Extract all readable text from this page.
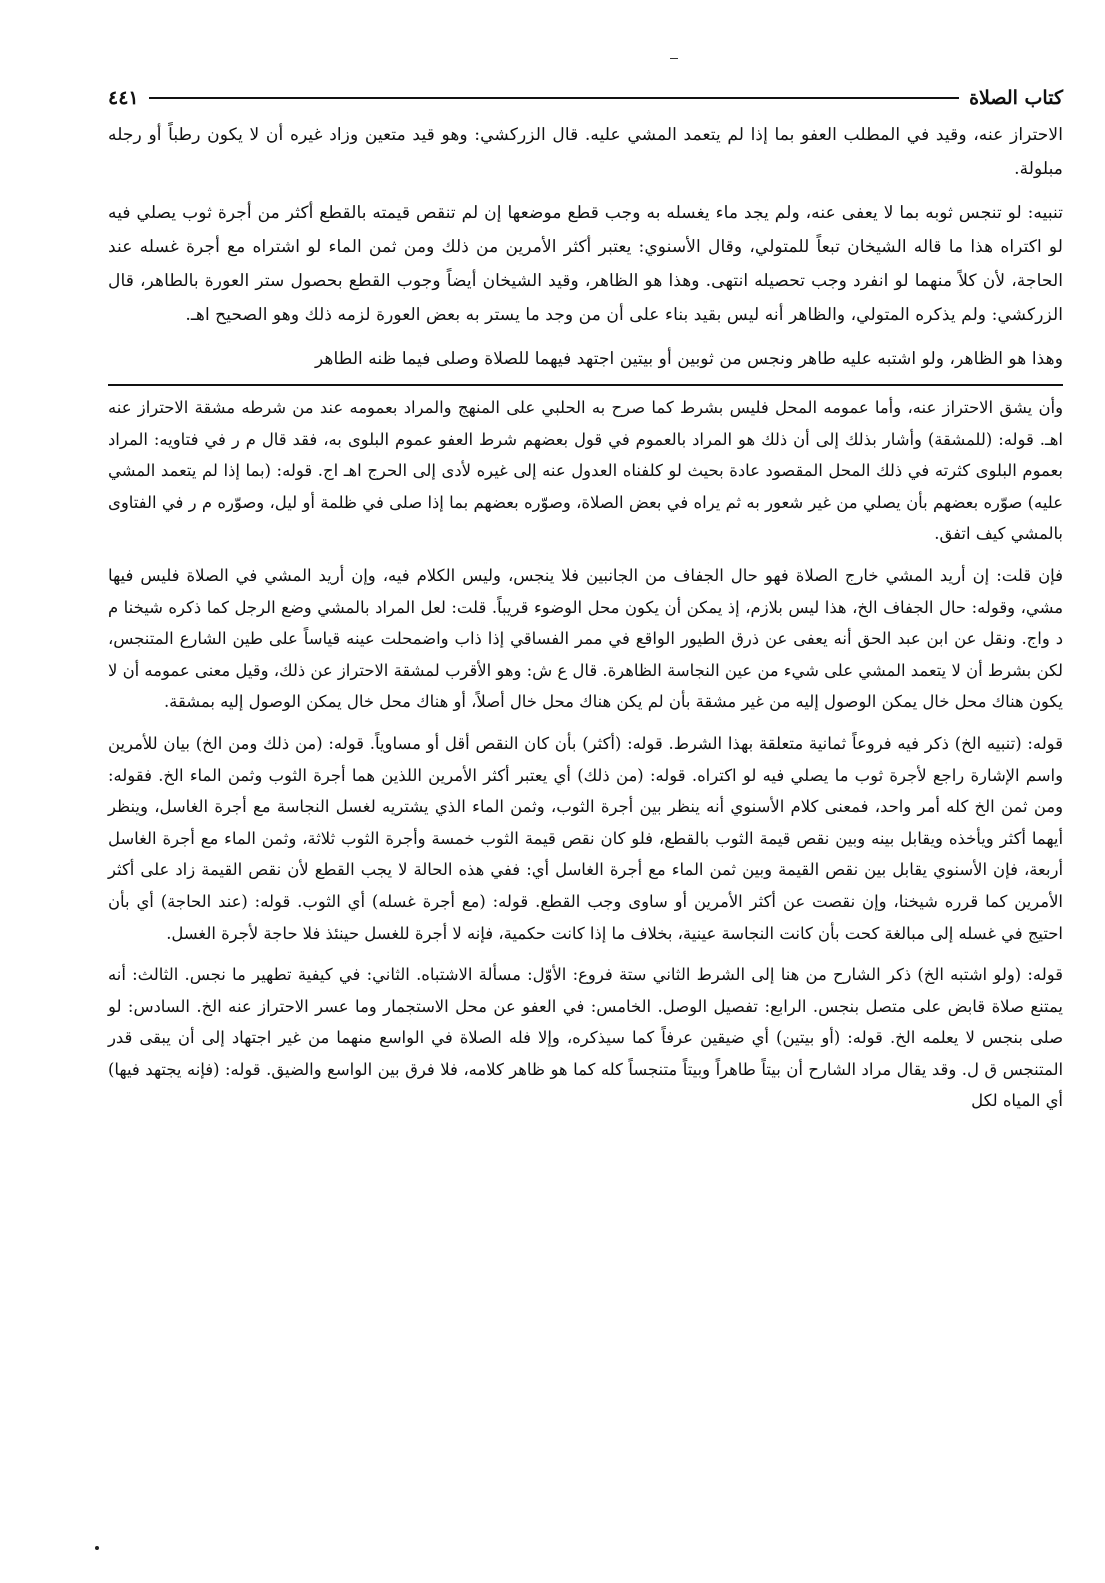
كتاب الصلاة
٤٤١

الاحتراز عنه، وقيد في المطلب العفو بما إذا لم يتعمد المشي عليه. قال الزركشي: وهو قيد متعين وزاد غيره أن لا يكون رطباً أو رجله مبلولة.

تنبيه: لو تنجس ثوبه بما لا يعفى عنه، ولم يجد ماء يغسله به وجب قطع موضعها إن لم تنقص قيمته بالقطع أكثر من أجرة ثوب يصلي فيه لو اكتراه هذا ما قاله الشيخان تبعاً للمتولي، وقال الأسنوي: يعتبر أكثر الأمرين من ذلك ومن ثمن الماء لو اشتراه مع أجرة غسله عند الحاجة، لأن كلاً منهما لو انفرد وجب تحصيله انتهى. وهذا هو الظاهر، وقيد الشيخان أيضاً وجوب القطع بحصول ستر العورة بالطاهر، قال الزركشي: ولم يذكره المتولي، والظاهر أنه ليس بقيد بناء على أن من وجد ما يستر به بعض العورة لزمه ذلك وهو الصحيح اهـ.

وهذا هو الظاهر، ولو اشتبه عليه طاهر ونجس من ثوبين أو بيتين اجتهد فيهما للصلاة وصلى فيما ظنه الطاهر

وأن يشق الاحتراز عنه، وأما عمومه المحل فليس بشرط كما صرح به الحلبي على المنهج والمراد بعمومه عند من شرطه مشقة الاحتراز عنه اهـ. قوله: (للمشقة) وأشار بذلك إلى أن ذلك هو المراد بالعموم في قول بعضهم شرط العفو عموم البلوى به، فقد قال م ر في فتاويه: المراد بعموم البلوى كثرته في ذلك المحل المقصود عادة بحيث لو كلفناه العدول عنه إلى غيره لأدى إلى الحرج اهـ اج. قوله: (بما إذا لم يتعمد المشي عليه) صوّره بعضهم بأن يصلي من غير شعور به ثم يراه في بعض الصلاة، وصوّره بعضهم بما إذا صلى في ظلمة أو ليل، وصوّره م ر في الفتاوى بالمشي كيف اتفق.

فإن قلت: إن أريد المشي خارج الصلاة فهو حال الجفاف من الجانبين فلا ينجس، وليس الكلام فيه، وإن أريد المشي في الصلاة فليس فيها مشي، وقوله: حال الجفاف الخ، هذا ليس بلازم، إذ يمكن أن يكون محل الوضوء قريباً. قلت: لعل المراد بالمشي وضع الرجل كما ذكره شيخنا م د واج. ونقل عن ابن عبد الحق أنه يعفى عن ذرق الطيور الواقع في ممر الفساقي إذا ذاب واضمحلت عينه قياساً على طين الشارع المتنجس، لكن بشرط أن لا يتعمد المشي على شيء من عين النجاسة الظاهرة. قال ع ش: وهو الأقرب لمشقة الاحتراز عن ذلك، وقيل معنى عمومه أن لا يكون هناك محل خال يمكن الوصول إليه من غير مشقة بأن لم يكن هناك محل خال أصلاً، أو هناك محل خال يمكن الوصول إليه بمشقة.

قوله: (تنبيه الخ) ذكر فيه فروعاً ثمانية متعلقة بهذا الشرط. قوله: (أكثر) بأن كان النقص أقل أو مساوياً. قوله: (من ذلك ومن الخ) بيان للأمرين واسم الإشارة راجع لأجرة ثوب ما يصلي فيه لو اكتراه. قوله: (من ذلك) أي يعتبر أكثر الأمرين اللذين هما أجرة الثوب وثمن الماء الخ. فقوله: ومن ثمن الخ كله أمر واحد، فمعنى كلام الأسنوي أنه ينظر بين أجرة الثوب، وثمن الماء الذي يشتريه لغسل النجاسة مع أجرة الغاسل، وينظر أيهما أكثر ويأخذه ويقابل بينه وبين نقص قيمة الثوب بالقطع، فلو كان نقص قيمة الثوب خمسة وأجرة الثوب ثلاثة، وثمن الماء مع أجرة الغاسل أربعة، فإن الأسنوي يقابل بين نقص القيمة وبين ثمن الماء مع أجرة الغاسل أي: ففي هذه الحالة لا يجب القطع لأن نقص القيمة زاد على أكثر الأمرين كما قرره شيخنا، وإن نقصت عن أكثر الأمرين أو ساوى وجب القطع. قوله: (مع أجرة غسله) أي الثوب. قوله: (عند الحاجة) أي بأن احتيج في غسله إلى مبالغة كحت بأن كانت النجاسة عينية، بخلاف ما إذا كانت حكمية، فإنه لا أجرة للغسل حينئذ فلا حاجة لأجرة الغسل.

قوله: (ولو اشتبه الخ) ذكر الشارح من هنا إلى الشرط الثاني ستة فروع: الأوّل: مسألة الاشتباه. الثاني: في كيفية تطهير ما نجس. الثالث: أنه يمتنع صلاة قابض على متصل بنجس. الرابع: تفصيل الوصل. الخامس: في العفو عن محل الاستجمار وما عسر الاحتراز عنه الخ. السادس: لو صلى بنجس لا يعلمه الخ. قوله: (أو بيتين) أي ضيقين عرفاً كما سيذكره، وإلا فله الصلاة في الواسع منهما من غير اجتهاد إلى أن يبقى قدر المتنجس ق ل. وقد يقال مراد الشارح أن بيتاً طاهراً وبيتاً متنجساً كله كما هو ظاهر كلامه، فلا فرق بين الواسع والضيق. قوله: (فإنه يجتهد فيها) أي المياه لكل
